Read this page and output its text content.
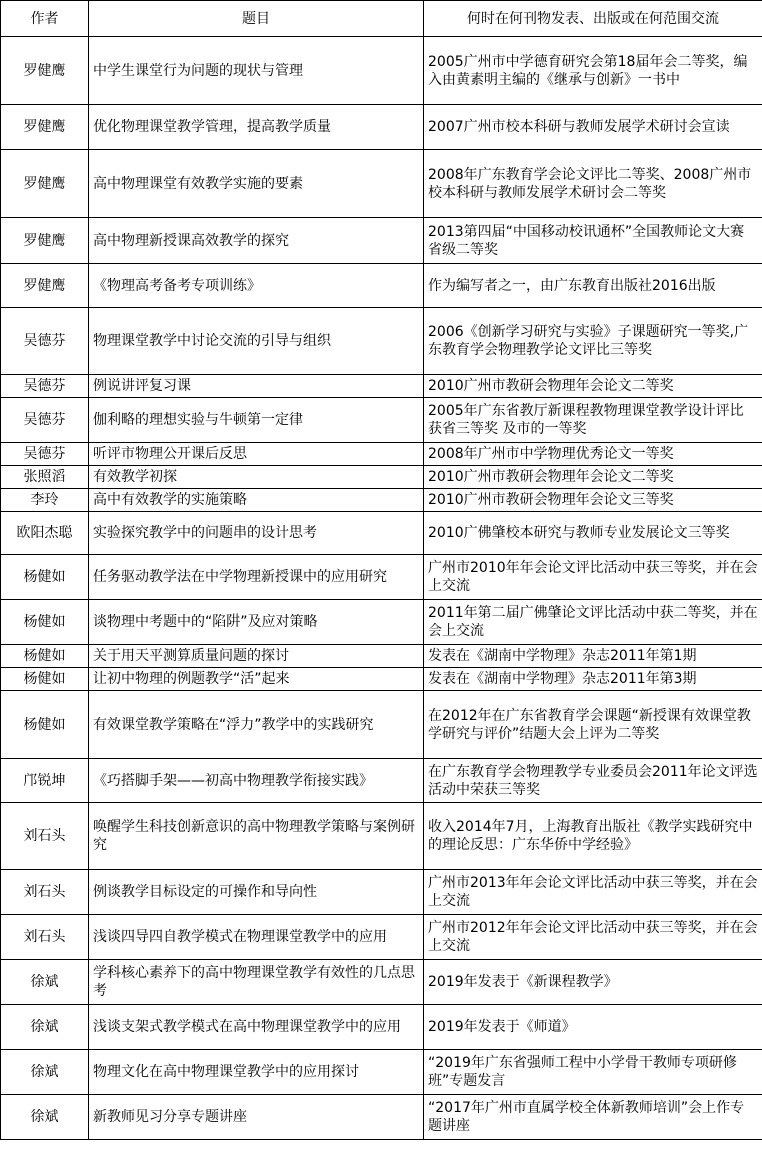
作者	题目	何时在何刊物发表、出版或在何范围交流
罗健鹰	中学生课堂行为问题的现状与管理	2005广州市中学德育研究会第18届年会二等奖，编入由黄素明主编的《继承与创新》一书中
罗健鹰	优化物理课堂教学管理，提高教学质量	2007广州市校本科研与教师发展学术研讨会宣读
罗健鹰	高中物理课堂有效教学实施的要素	2008年广东教育学会论文评比二等奖、2008广州市校本科研与教师发展学术研讨会二等奖
罗健鹰	高中物理新授课高效教学的探究	2013第四届“中国移动校讯通杯”全国教师论文大赛省级二等奖
罗健鹰	《物理高考备考专项训练》	作为编写者之一，由广东教育出版社2016出版
吴德芬	物理课堂教学中讨论交流的引导与组织	2006《创新学习研究与实验》子课题研究一等奖,广东教育学会物理教学论文评比三等奖
吴德芬	例说讲评复习课	2010广州市教研会物理年会论文二等奖
吴德芬	伽利略的理想实验与牛顿第一定律	2005年广东省教厅新课程教物理课堂教学设计评比 获省三等奖 及市的一等奖
吴德芬	听评市物理公开课后反思	2008年广州市中学物理优秀论文一等奖
张照滔	有效教学初探	2010广州市教研会物理年会论文二等奖
李玲	高中有效教学的实施策略	2010广州市教研会物理年会论文三等奖
欧阳杰聪	实验探究教学中的问题串的设计思考	2010广佛肇校本研究与教师专业发展论文三等奖
杨健如	任务驱动教学法在中学物理新授课中的应用研究	广州市2010年年会论文评比活动中获三等奖，并在会上交流
杨健如	谈物理中考题中的“陷阱”及应对策略	2011年第二届广佛肇论文评比活动中获二等奖，并在会上交流
杨健如	关于用天平测算质量问题的探讨	发表在《湖南中学物理》杂志2011年第1期
杨健如	让初中物理的例题教学“活”起来	发表在《湖南中学物理》杂志2011年第3期
杨健如	有效课堂教学策略在“浮力”教学中的实践研究	在2012年在广东省教育学会课题“新授课有效课堂教学研究与评价”结题大会上评为二等奖
邝锐坤	《巧搭脚手架——初高中物理教学衔接实践》	在广东教育学会物理教学专业委员会2011年论文评选活动中荣获三等奖
刘石头	唤醒学生科技创新意识的高中物理教学策略与案例研究	收入2014年7月，上海教育出版社《教学实践研究中的理论反思：广东华侨中学经验》
刘石头	例谈教学目标设定的可操作和导向性	广州市2013年年会论文评比活动中获三等奖，并在会上交流
刘石头	浅谈四导四自教学模式在物理课堂教学中的应用	广州市2012年年会论文评比活动中获三等奖，并在会上交流
徐斌	学科核心素养下的高中物理课堂教学有效性的几点思考	2019年发表于《新课程教学》
徐斌	浅谈支架式教学模式在高中物理课堂教学中的应用	2019年发表于《师道》
徐斌	物理文化在高中物理课堂教学中的应用探讨	“2019年广东省强师工程中小学骨干教师专项研修班”专题发言
徐斌	新教师见习分享专题讲座	“2017年广州市直属学校全体新教师培训”会上作专题讲座
